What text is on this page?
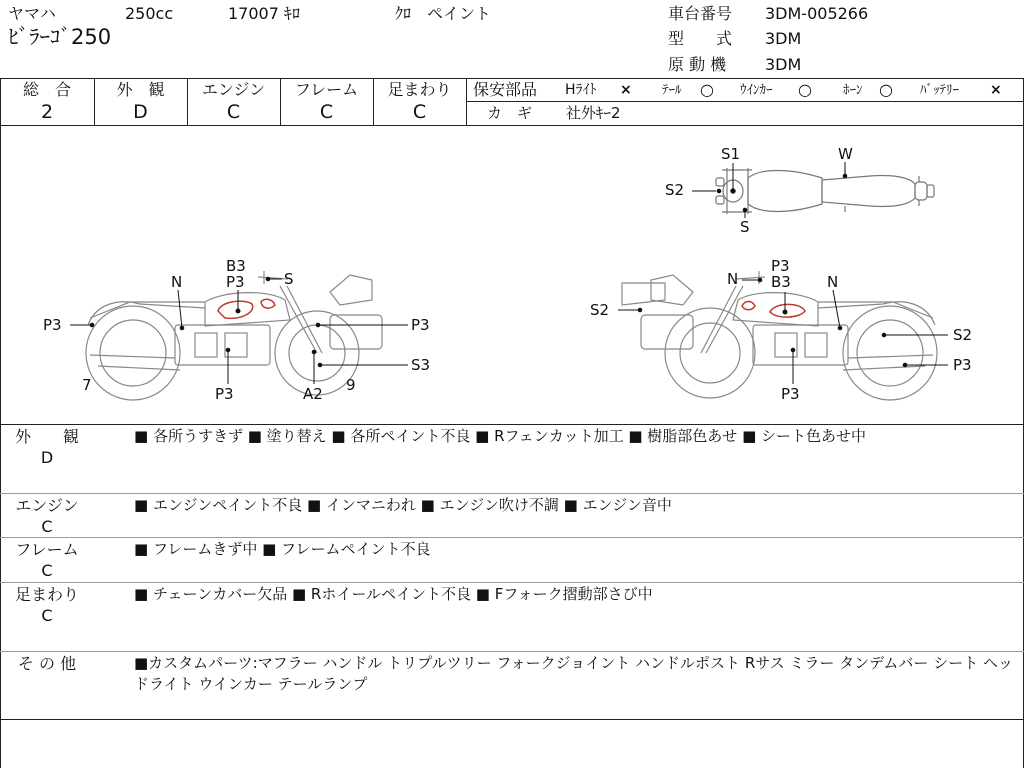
ヤマハ	250cc	17007 ｷﾛ	ｸﾛ　ペイント
ﾋﾞﾗｰｺﾞ250
車台番号 3DM-005266
型　　式 3DM
原 動 機 3DM
総　合
2
外　観
D
エンジン
C
フレーム
C
足まわり
C
保安部品 Hﾗｲﾄ × ﾃｰﾙ ○ ｳｲﾝｶｰ ○ ﾎｰﾝ ○ ﾊﾞｯﾃﾘｰ ×
カ　ギ 社外ｷｰ2
S1
S2
W
S
B3
P3	S
N
P3	P3
S3
P3	A2
7	9
N
P3
B3 N
S2
S2
P3
P3
外　　観
D
■ 各所うすきず ■ 塗り替え ■ 各所ペイント不良 ■ Rフェンカット加工 ■ 樹脂部色あせ ■ シート色あせ中
エンジン
C
■ エンジンペイント不良 ■ インマニわれ ■ エンジン吹け不調 ■ エンジン音中
フレーム
C
■ フレームきず中 ■ フレームペイント不良
足まわり
C
■ チェーンカバー欠品 ■ Rホイールペイント不良 ■ Fフォーク摺動部さび中
そ の 他	■カスタムパーツ:マフラー ハンドル トリプルツリー フォークジョイント ハンドルポスト Rサス ミラー タンデムバー シート ヘッドライト ウインカー テールランプ
